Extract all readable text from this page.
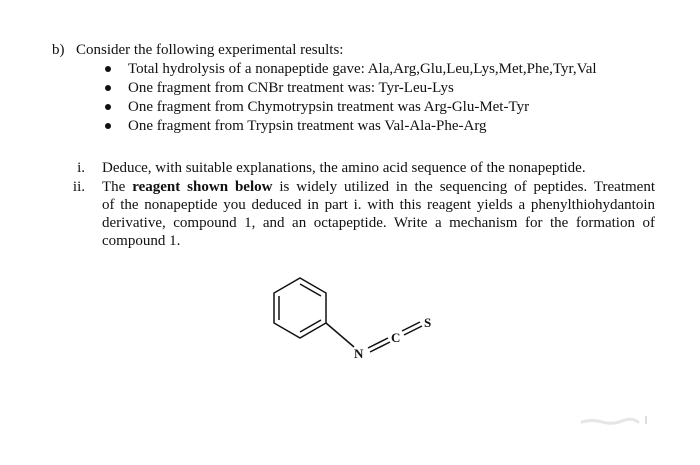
b) Consider the following experimental results:
Total hydrolysis of a nonapeptide gave: Ala,Arg,Glu,Leu,Lys,Met,Phe,Tyr,Val
One fragment from CNBr treatment was: Tyr-Leu-Lys
One fragment from Chymotrypsin treatment was Arg-Glu-Met-Tyr
One fragment from Trypsin treatment was Val-Ala-Phe-Arg
i. Deduce, with suitable explanations, the amino acid sequence of the nonapeptide.

ii. The reagent shown below is widely utilized in the sequencing of peptides. Treatment
of the nonapeptide you deduced in part i. with this reagent yields a phenylthiohydantoin
derivative, compound 1, and an octapeptide. Write a mechanism for the formation of
compound 1.

N
C
S
